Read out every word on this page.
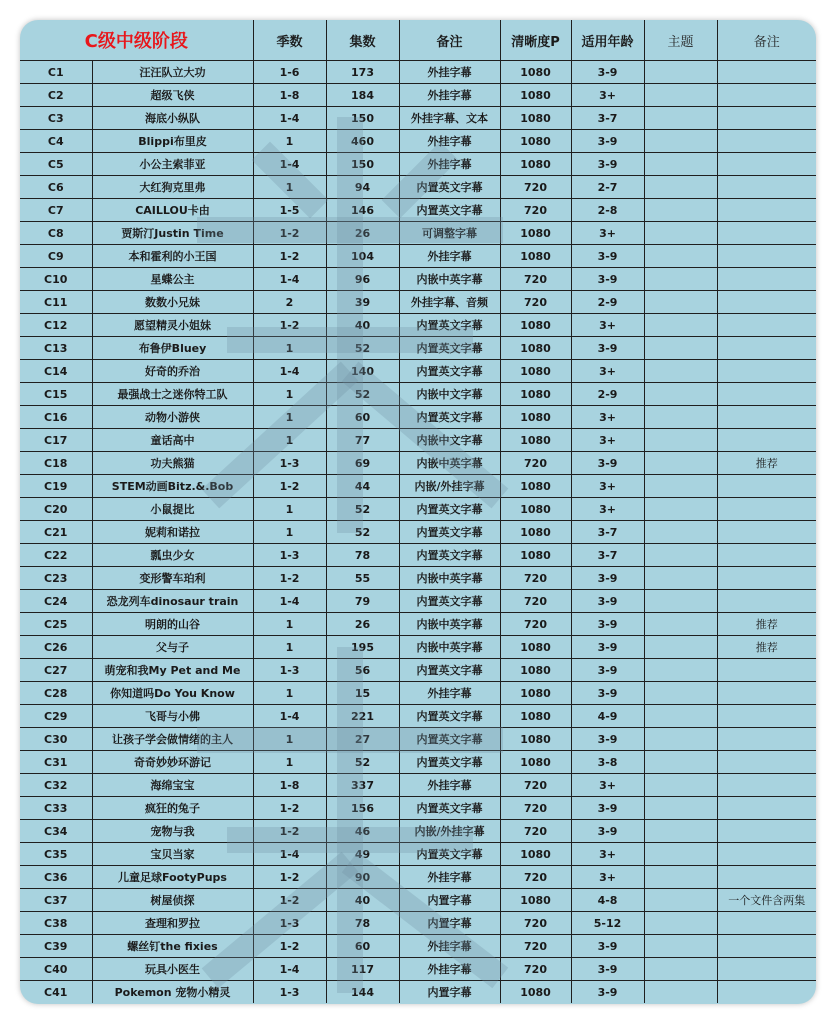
C级中级阶段		季数	集数	备注	清晰度P	适用年龄	主题	备注
C1	汪汪队立大功	1-6	173	外挂字幕	1080	3-9		
C2	超级飞侠	1-8	184	外挂字幕	1080	3+		
C3	海底小纵队	1-4	150	外挂字幕、文本	1080	3-7		
C4	Blippi布里皮	1	460	外挂字幕	1080	3-9		
C5	小公主索菲亚	1-4	150	外挂字幕	1080	3-9		
C6	大红狗克里弗	1	94	内置英文字幕	720	2-7		
C7	CAILLOU卡由	1-5	146	内置英文字幕	720	2-8		
C8	贾斯汀Justin Time	1-2	26	可调整字幕	1080	3+		
C9	本和霍利的小王国	1-2	104	外挂字幕	1080	3-9		
C10	星蝶公主	1-4	96	内嵌中英字幕	720	3-9		
C11	数数小兄妹	2	39	外挂字幕、音频	720	2-9		
C12	愿望精灵小姐妹	1-2	40	内置英文字幕	1080	3+		
C13	布鲁伊Bluey	1	52	内置英文字幕	1080	3-9		
C14	好奇的乔治	1-4	140	内置英文字幕	1080	3+		
C15	最强战士之迷你特工队	1	52	内嵌中文字幕	1080	2-9		
C16	动物小游侠	1	60	内置英文字幕	1080	3+		
C17	童话高中	1	77	内嵌中文字幕	1080	3+		
C18	功夫熊猫	1-3	69	内嵌中英字幕	720	3-9		推荐
C19	STEM动画Bitz.&.Bob	1-2	44	内嵌/外挂字幕	1080	3+		
C20	小鼠提比	1	52	内置英文字幕	1080	3+		
C21	妮莉和诺拉	1	52	内置英文字幕	1080	3-7		
C22	瓢虫少女	1-3	78	内置英文字幕	1080	3-7		
C23	变形警车珀利	1-2	55	内嵌中英字幕	720	3-9		
C24	恐龙列车dinosaur train	1-4	79	内置英文字幕	720	3-9		
C25	明朗的山谷	1	26	内嵌中英字幕	720	3-9		推荐
C26	父与子	1	195	内嵌中英字幕	1080	3-9		推荐
C27	萌宠和我My Pet and Me	1-3	56	内置英文字幕	1080	3-9		
C28	你知道吗Do You Know	1	15	外挂字幕	1080	3-9		
C29	飞哥与小佛	1-4	221	内置英文字幕	1080	4-9		
C30	让孩子学会做情绪的主人	1	27	内置英文字幕	1080	3-9		
C31	奇奇妙妙环游记	1	52	内置英文字幕	1080	3-8		
C32	海绵宝宝	1-8	337	外挂字幕	720	3+		
C33	疯狂的兔子	1-2	156	内置英文字幕	720	3-9		
C34	宠物与我	1-2	46	内嵌/外挂字幕	720	3-9		
C35	宝贝当家	1-4	49	内置英文字幕	1080	3+		
C36	儿童足球FootyPups	1-2	90	外挂字幕	720	3+		
C37	树屋侦探	1-2	40	内置字幕	1080	4-8		一个文件含两集
C38	查理和罗拉	1-3	78	内置字幕	720	5-12		
C39	螺丝钉the fixies	1-2	60	外挂字幕	720	3-9		
C40	玩具小医生	1-4	117	外挂字幕	720	3-9		
C41	Pokemon 宠物小精灵	1-3	144	内置字幕	1080	3-9		
